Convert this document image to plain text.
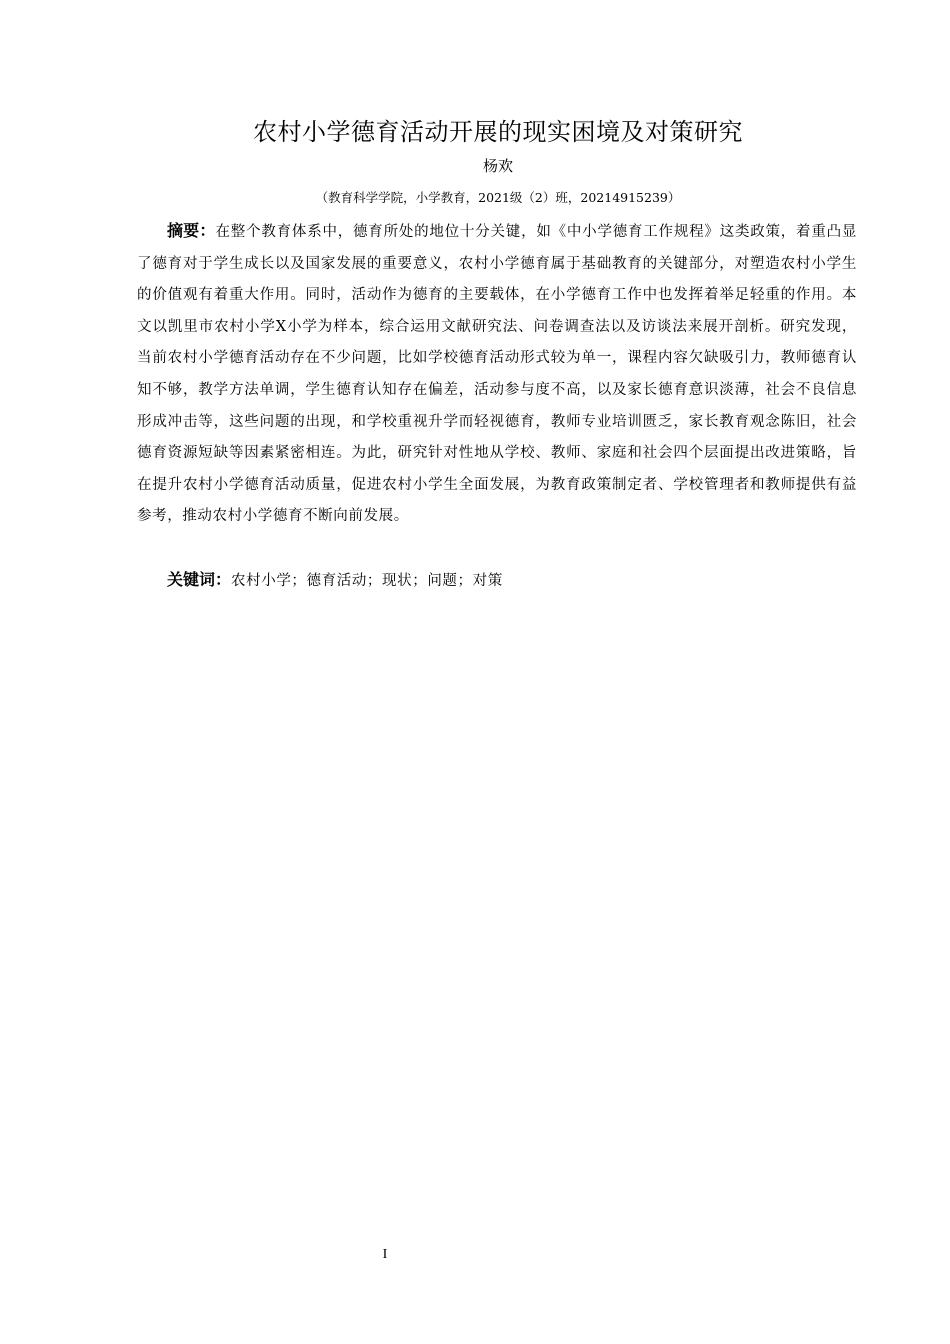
农村小学德育活动开展的现实困境及对策研究
杨欢
（教育科学学院，小学教育，2021级（2）班，20214915239）

摘要：在整个教育体系中，德育所处的地位十分关键，如《中小学德育工作规程》这类政策，着重凸显了德育对于学生成长以及国家发展的重要意义，农村小学德育属于基础教育的关键部分，对塑造农村小学生的价值观有着重大作用。同时，活动作为德育的主要载体，在小学德育工作中也发挥着举足轻重的作用。本文以凯里市农村小学X小学为样本，综合运用文献研究法、问卷调查法以及访谈法来展开剖析。研究发现，当前农村小学德育活动存在不少问题，比如学校德育活动形式较为单一，课程内容欠缺吸引力，教师德育认知不够，教学方法单调，学生德育认知存在偏差，活动参与度不高，以及家长德育意识淡薄，社会不良信息形成冲击等，这些问题的出现，和学校重视升学而轻视德育，教师专业培训匮乏，家长教育观念陈旧，社会德育资源短缺等因素紧密相连。为此，研究针对性地从学校、教师、家庭和社会四个层面提出改进策略，旨在提升农村小学德育活动质量，促进农村小学生全面发展，为教育政策制定者、学校管理者和教师提供有益参考，推动农村小学德育不断向前发展。

关键词：农村小学；德育活动；现状；问题；对策

I
